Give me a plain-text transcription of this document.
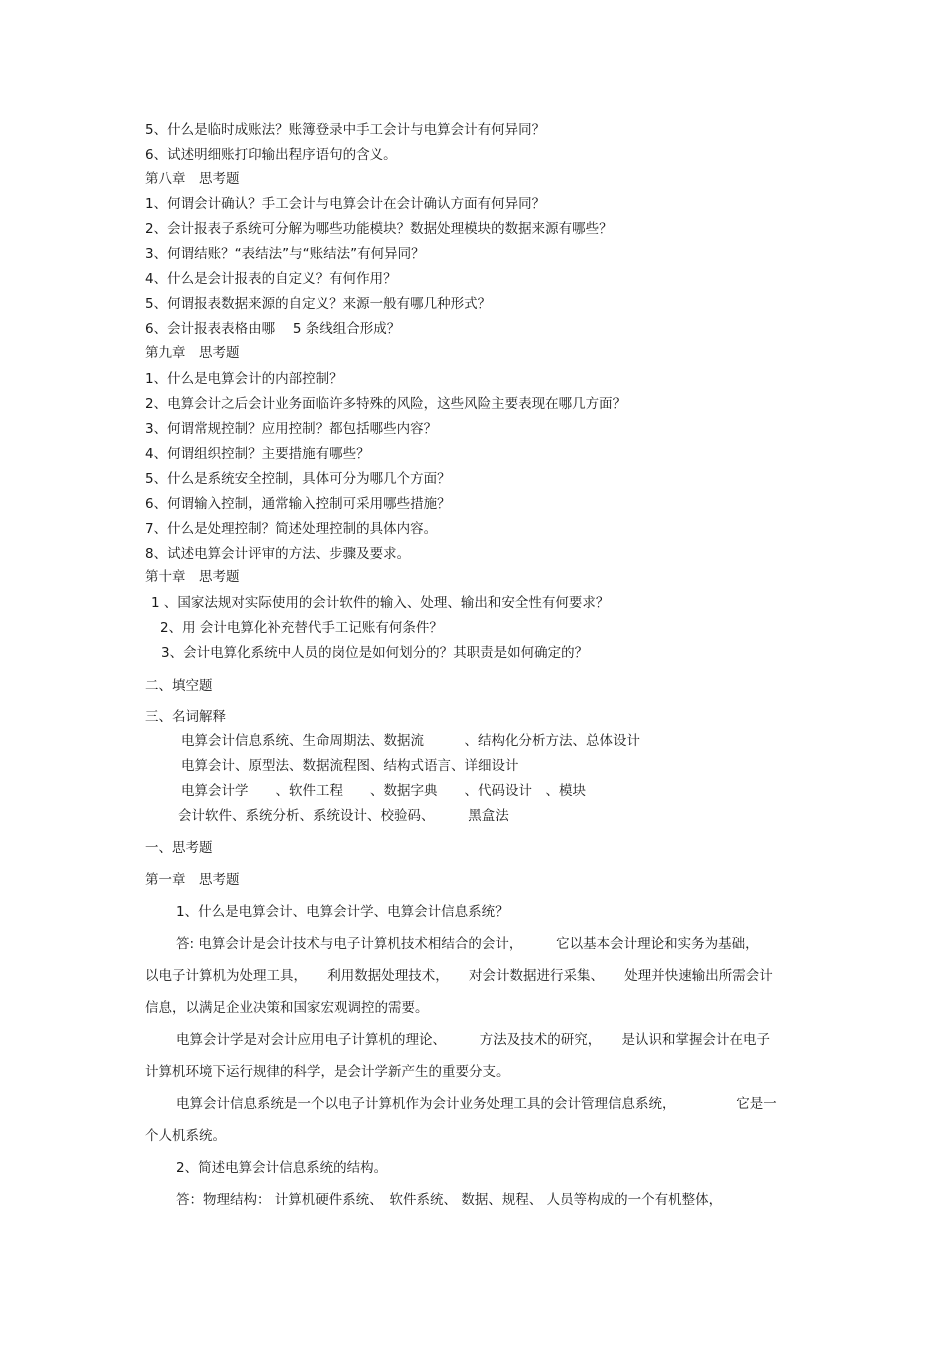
5、什么是临时成账法？账簿登录中手工会计与电算会计有何异同？
6、试述明细账打印输出程序语句的含义。
第八章　思考题
1、何谓会计确认？手工会计与电算会计在会计确认方面有何异同？
2、会计报表子系统可分解为哪些功能模块？数据处理模块的数据来源有哪些？
3、何谓结账？“表结法”与“账结法”有何异同？
4、什么是会计报表的自定义？有何作用？
5、何谓报表数据来源的自定义？来源一般有哪几种形式？
6、会计报表表格由哪　 5 条线组合形成？
第九章　思考题
1、什么是电算会计的内部控制？
2、电算会计之后会计业务面临许多特殊的风险，这些风险主要表现在哪几方面？
3、何谓常规控制？应用控制？都包括哪些内容？
4、何谓组织控制？主要措施有哪些？
5、什么是系统安全控制，具体可分为哪几个方面？
6、何谓输入控制，通常输入控制可采用哪些措施？
7、什么是处理控制？简述处理控制的具体内容。
8、试述电算会计评审的方法、步骤及要求。
第十章　思考题
1 、国家法规对实际使用的会计软件的输入、处理、输出和安全性有何要求？
2、用 会计电算化补充替代手工记账有何条件？
3、会计电算化系统中人员的岗位是如何划分的？其职责是如何确定的？
二、填空题
三、名词解释
电算会计信息系统、生命周期法、数据流　　　、结构化分析方法、总体设计
电算会计、原型法、数据流程图、结构式语言、详细设计
电算会计学　　、软件工程　　、数据字典　　、代码设计　、模块
会计软件、系统分析、系统设计、校验码、　　　黑盒法
一、思考题
第一章　思考题
1、什么是电算会计、电算会计学、电算会计信息系统？
答: 电算会计是会计技术与电子计算机技术相结合的会计，　　　它以基本会计理论和实务为基础，
以电子计算机为处理工具，　　利用数据处理技术，　　对会计数据进行采集、　　处理并快速输出所需会计
信息，以满足企业决策和国家宏观调控的需要。
电算会计学是对会计应用电子计算机的理论、　　　方法及技术的研究，　　是认识和掌握会计在电子
计算机环境下运行规律的科学，是会计学新产生的重要分支。
电算会计信息系统是一个以电子计算机作为会计业务处理工具的会计管理信息系统，　　　　　它是一
个人机系统。
2、简述电算会计信息系统的结构。
答：物理结构： 计算机硬件系统、　软件系统、 数据、规程、 人员等构成的一个有机整体，
